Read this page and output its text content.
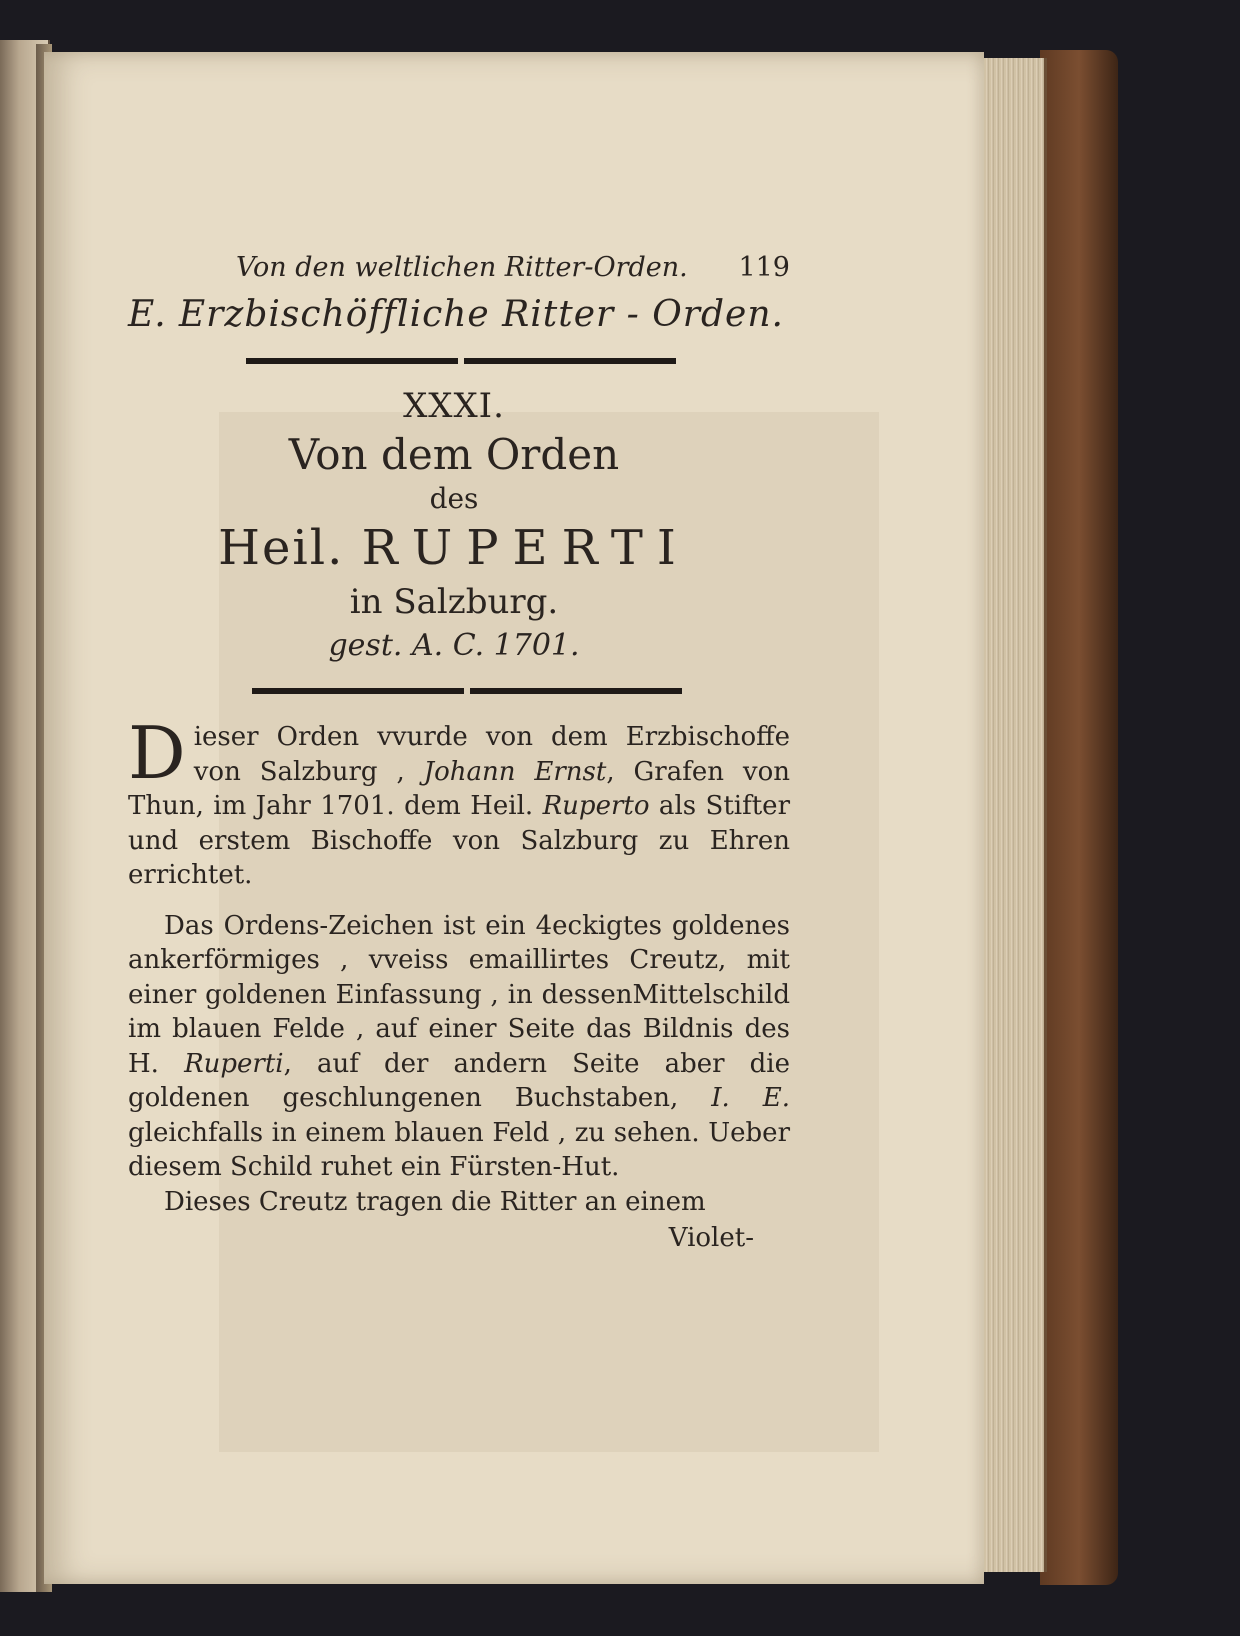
Von den weltlichen Ritter-Orden. 119
E. Erzbischöffliche Ritter - Orden.
XXXI.
Von dem Orden
des
Heil. RUPERTI
in Salzburg.
gest. A. C. 1701.

Dieser Orden vvurde von dem Erzbischoffe von Salzburg , Johann Ernst, Grafen von Thun, im Jahr 1701. dem Heil. Ruperto als Stifter und erstem Bischoffe von Salzburg zu Ehren errichtet.

Das Ordens-Zeichen ist ein 4eckigtes goldenes ankerförmiges , vveiss emaillirtes Creutz, mit einer goldenen Einfassung , in dessenMittelschild im blauen Felde , auf einer Seite das Bildnis des H. Ruperti, auf der andern Seite aber die goldenen geschlungenen Buchstaben, I. E. gleichfalls in einem blauen Feld , zu sehen. Ueber diesem Schild ruhet ein Fürsten-Hut.

Dieses Creutz tragen die Ritter an einem

Violet-
